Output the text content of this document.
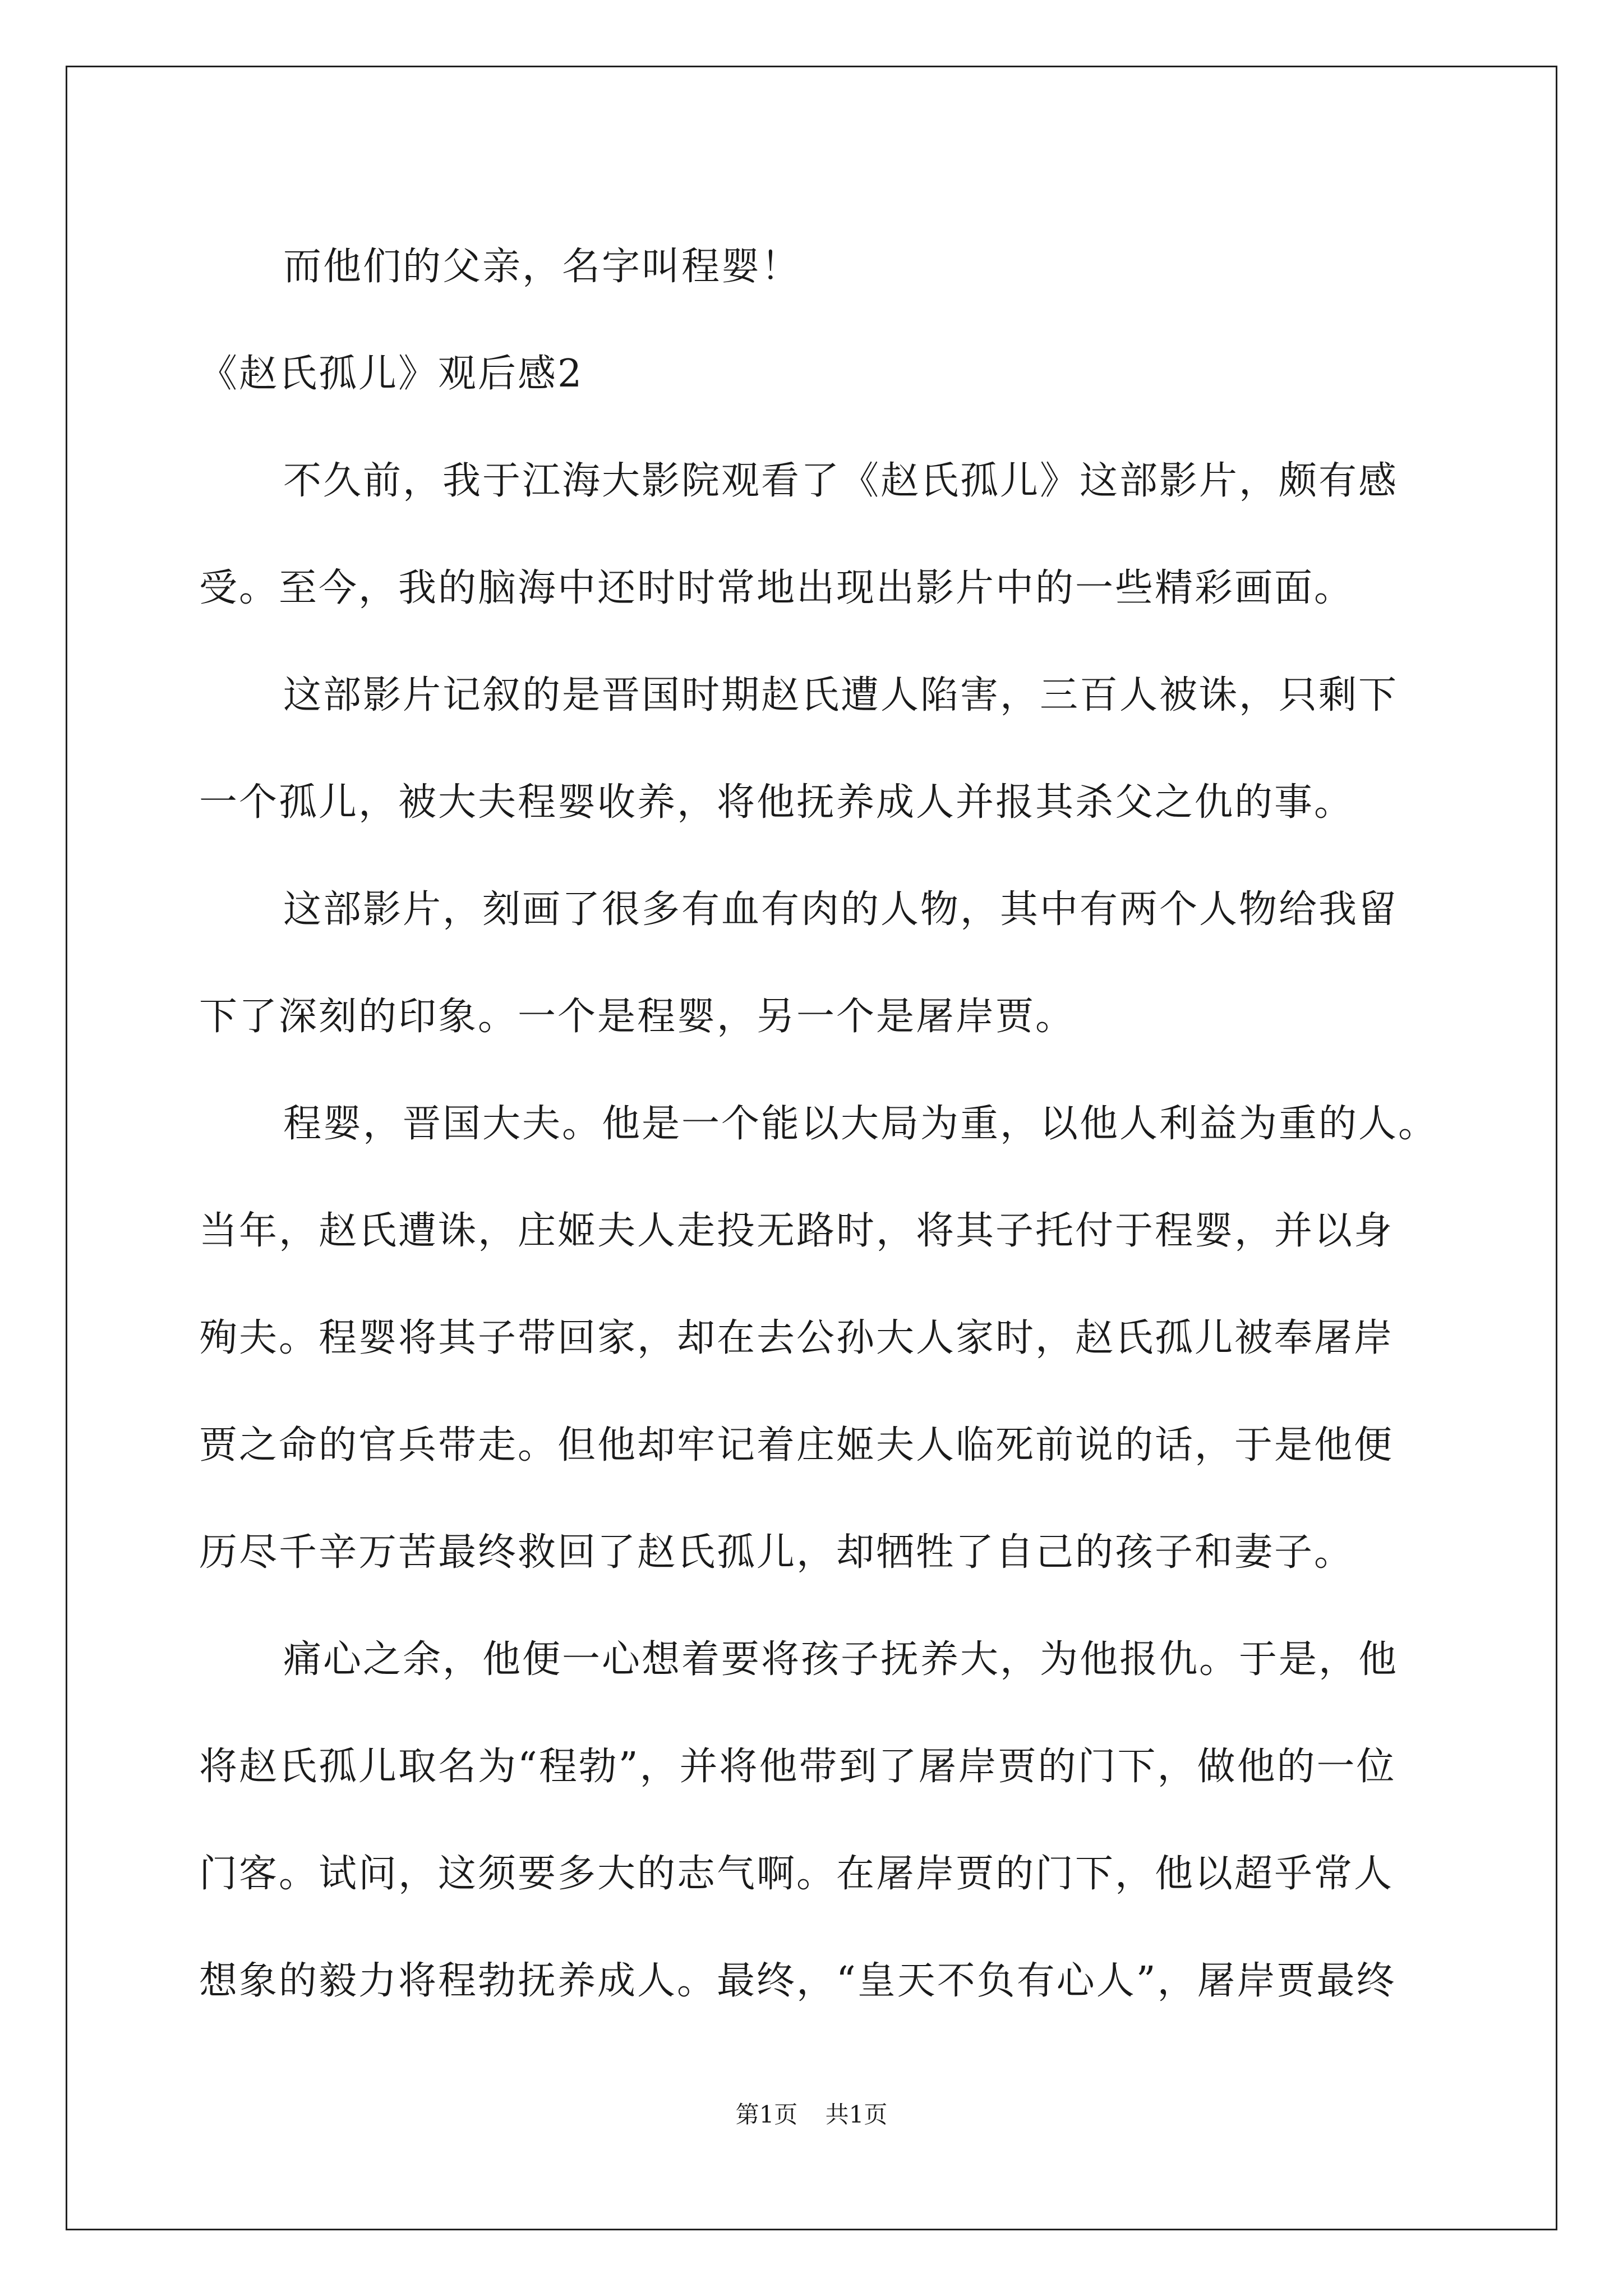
而他们的父亲，名字叫程婴！
《赵氏孤儿》观后感2
不久前，我于江海大影院观看了《赵氏孤儿》这部影片，颇有感
受。至今，我的脑海中还时时常地出现出影片中的一些精彩画面。
这部影片记叙的是晋国时期赵氏遭人陷害，三百人被诛，只剩下
一个孤儿，被大夫程婴收养，将他抚养成人并报其杀父之仇的事。
这部影片，刻画了很多有血有肉的人物，其中有两个人物给我留
下了深刻的印象。一个是程婴，另一个是屠岸贾。
程婴，晋国大夫。他是一个能以大局为重，以他人利益为重的人。
当年，赵氏遭诛，庄姬夫人走投无路时，将其子托付于程婴，并以身
殉夫。程婴将其子带回家，却在去公孙大人家时，赵氏孤儿被奉屠岸
贾之命的官兵带走。但他却牢记着庄姬夫人临死前说的话，于是他便
历尽千辛万苦最终救回了赵氏孤儿，却牺牲了自己的孩子和妻子。
痛心之余，他便一心想着要将孩子抚养大，为他报仇。于是，他
将赵氏孤儿取名为“程勃”，并将他带到了屠岸贾的门下，做他的一位
门客。试问，这须要多大的志气啊。在屠岸贾的门下，他以超乎常人
想象的毅力将程勃抚养成人。最终，“皇天不负有心人”，屠岸贾最终
第1页 共1页
